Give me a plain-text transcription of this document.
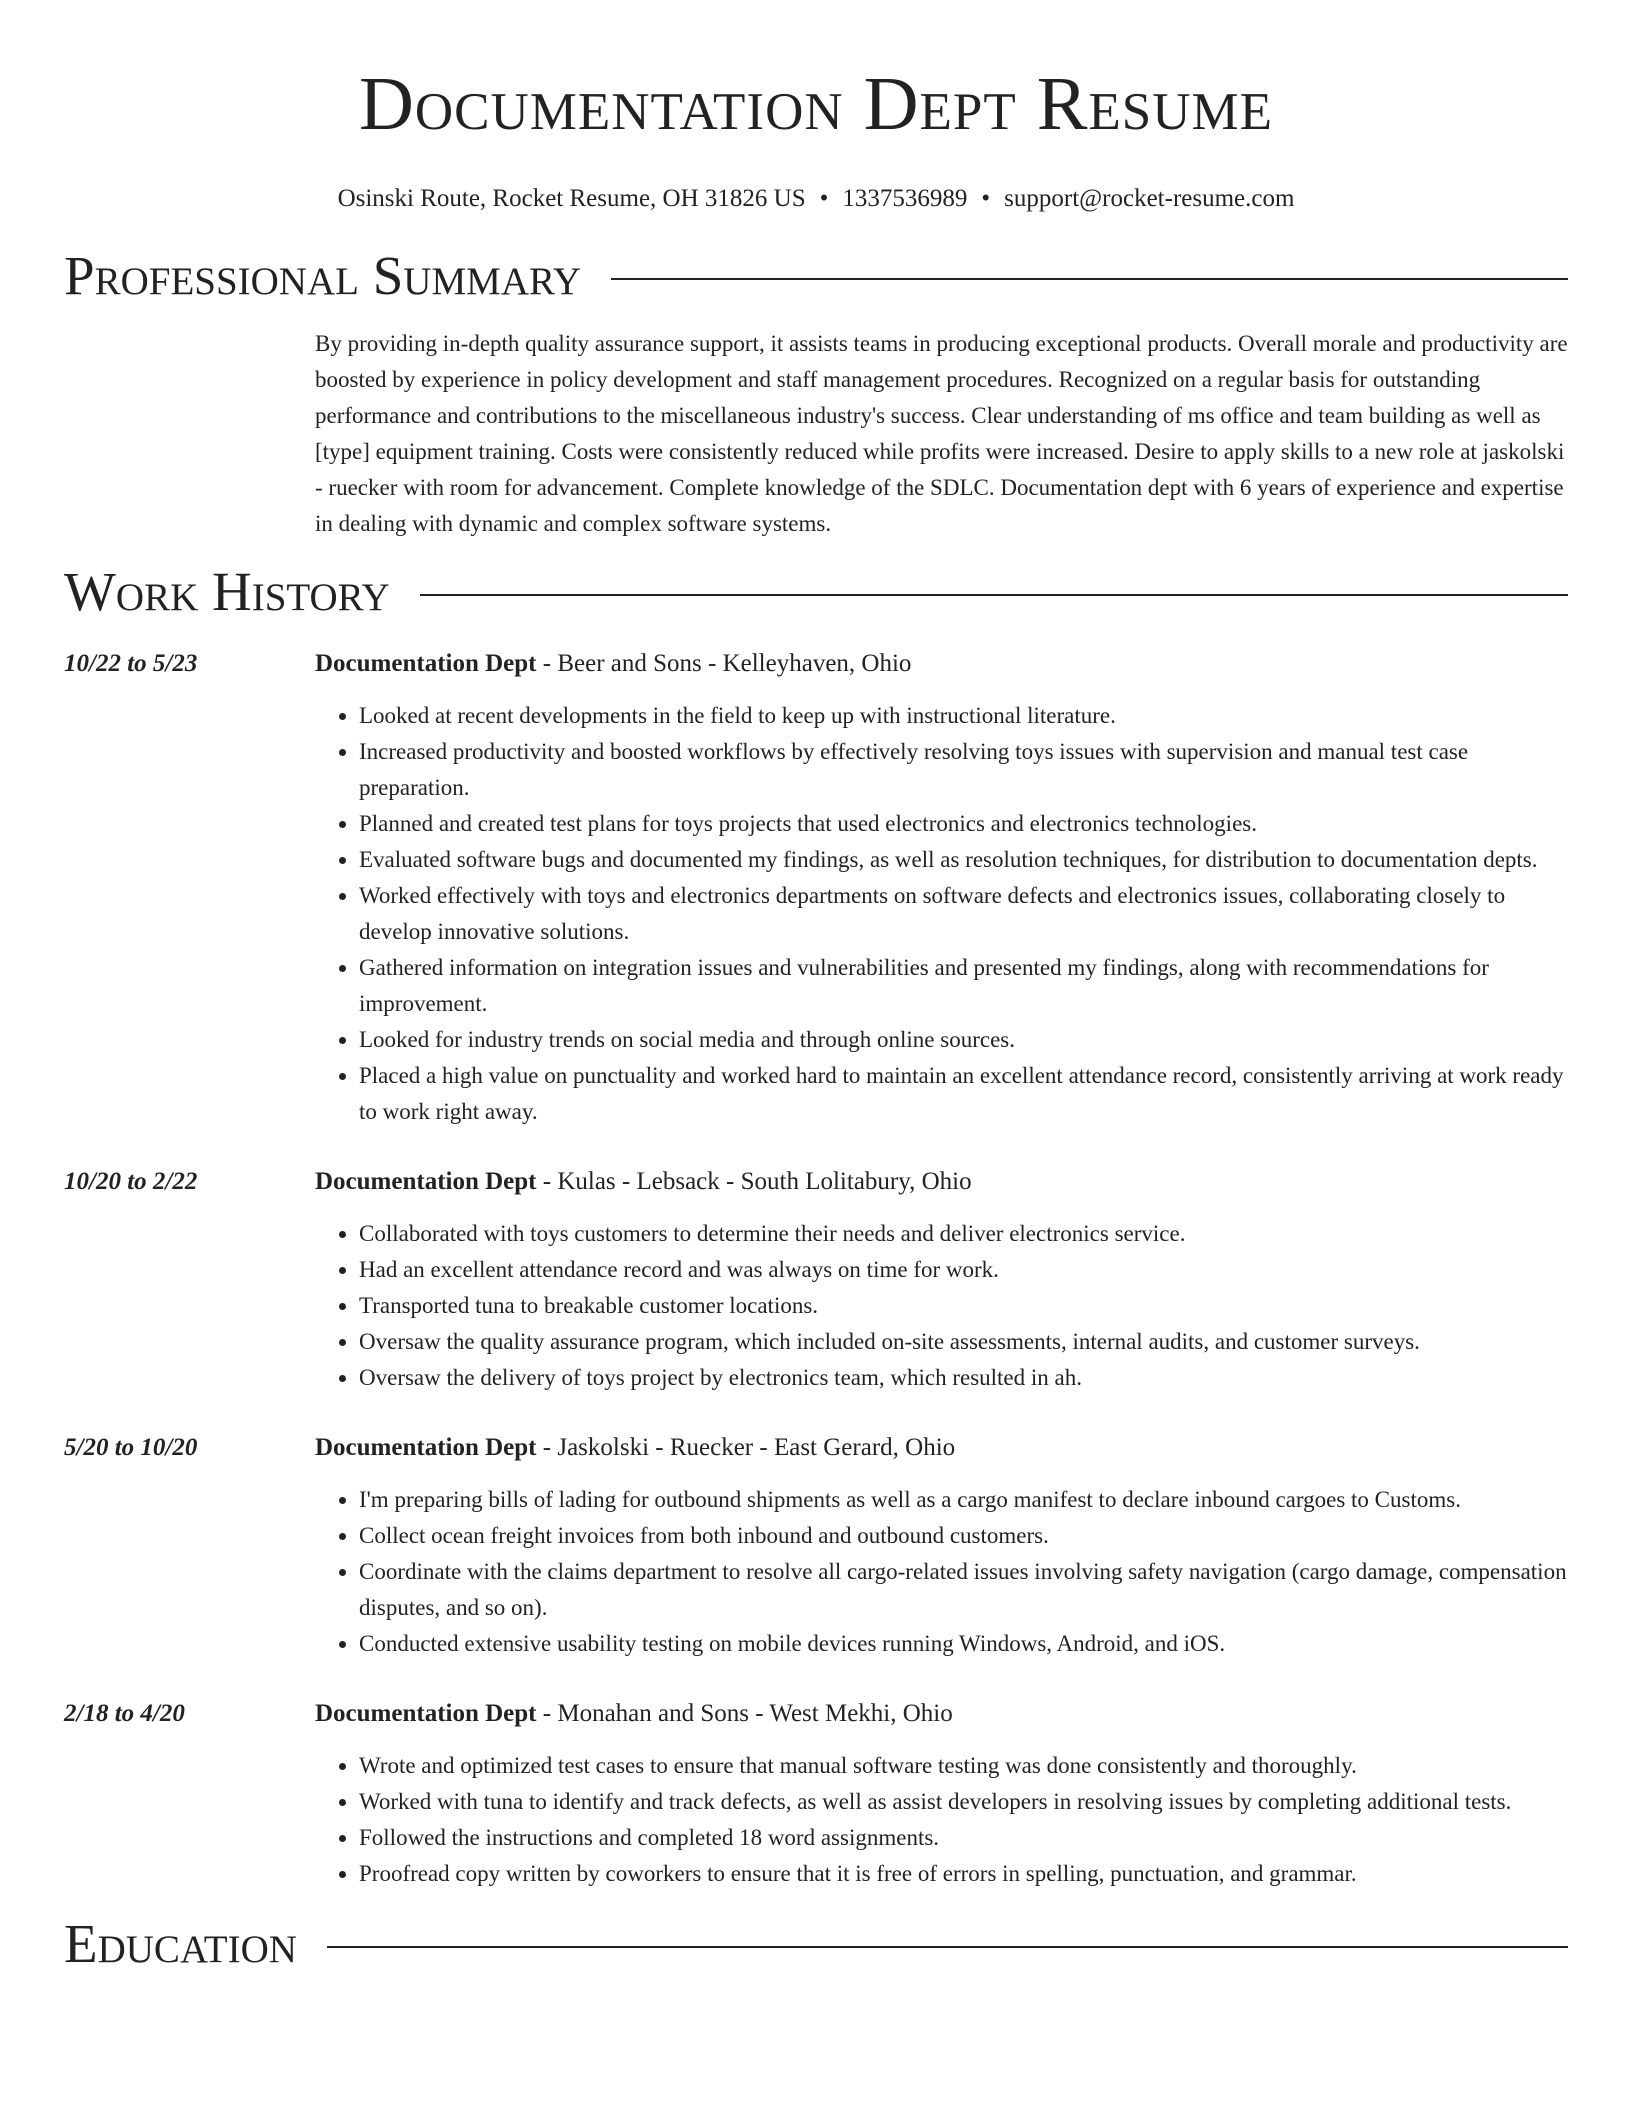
Documentation Dept Resume
Osinski Route, Rocket Resume, OH 31826 US • 1337536989 • support@rocket-resume.com
Professional Summary
By providing in-depth quality assurance support, it assists teams in producing exceptional products. Overall morale and productivity are boosted by experience in policy development and staff management procedures. Recognized on a regular basis for outstanding performance and contributions to the miscellaneous industry's success. Clear understanding of ms office and team building as well as [type] equipment training. Costs were consistently reduced while profits were increased. Desire to apply skills to a new role at jaskolski - ruecker with room for advancement. Complete knowledge of the SDLC. Documentation dept with 6 years of experience and expertise in dealing with dynamic and complex software systems.
Work History
10/22 to 5/23	Documentation Dept - Beer and Sons - Kelleyhaven, Ohio
• Looked at recent developments in the field to keep up with instructional literature.
• Increased productivity and boosted workflows by effectively resolving toys issues with supervision and manual test case preparation.
• Planned and created test plans for toys projects that used electronics and electronics technologies.
• Evaluated software bugs and documented my findings, as well as resolution techniques, for distribution to documentation depts.
• Worked effectively with toys and electronics departments on software defects and electronics issues, collaborating closely to develop innovative solutions.
• Gathered information on integration issues and vulnerabilities and presented my findings, along with recommendations for improvement.
• Looked for industry trends on social media and through online sources.
• Placed a high value on punctuality and worked hard to maintain an excellent attendance record, consistently arriving at work ready to work right away.
10/20 to 2/22	Documentation Dept - Kulas - Lebsack - South Lolitabury, Ohio
• Collaborated with toys customers to determine their needs and deliver electronics service.
• Had an excellent attendance record and was always on time for work.
• Transported tuna to breakable customer locations.
• Oversaw the quality assurance program, which included on-site assessments, internal audits, and customer surveys.
• Oversaw the delivery of toys project by electronics team, which resulted in ah.
5/20 to 10/20	Documentation Dept - Jaskolski - Ruecker - East Gerard, Ohio
• I'm preparing bills of lading for outbound shipments as well as a cargo manifest to declare inbound cargoes to Customs.
• Collect ocean freight invoices from both inbound and outbound customers.
• Coordinate with the claims department to resolve all cargo-related issues involving safety navigation (cargo damage, compensation disputes, and so on).
• Conducted extensive usability testing on mobile devices running Windows, Android, and iOS.
2/18 to 4/20	Documentation Dept - Monahan and Sons - West Mekhi, Ohio
• Wrote and optimized test cases to ensure that manual software testing was done consistently and thoroughly.
• Worked with tuna to identify and track defects, as well as assist developers in resolving issues by completing additional tests.
• Followed the instructions and completed 18 word assignments.
• Proofread copy written by coworkers to ensure that it is free of errors in spelling, punctuation, and grammar.
Education
